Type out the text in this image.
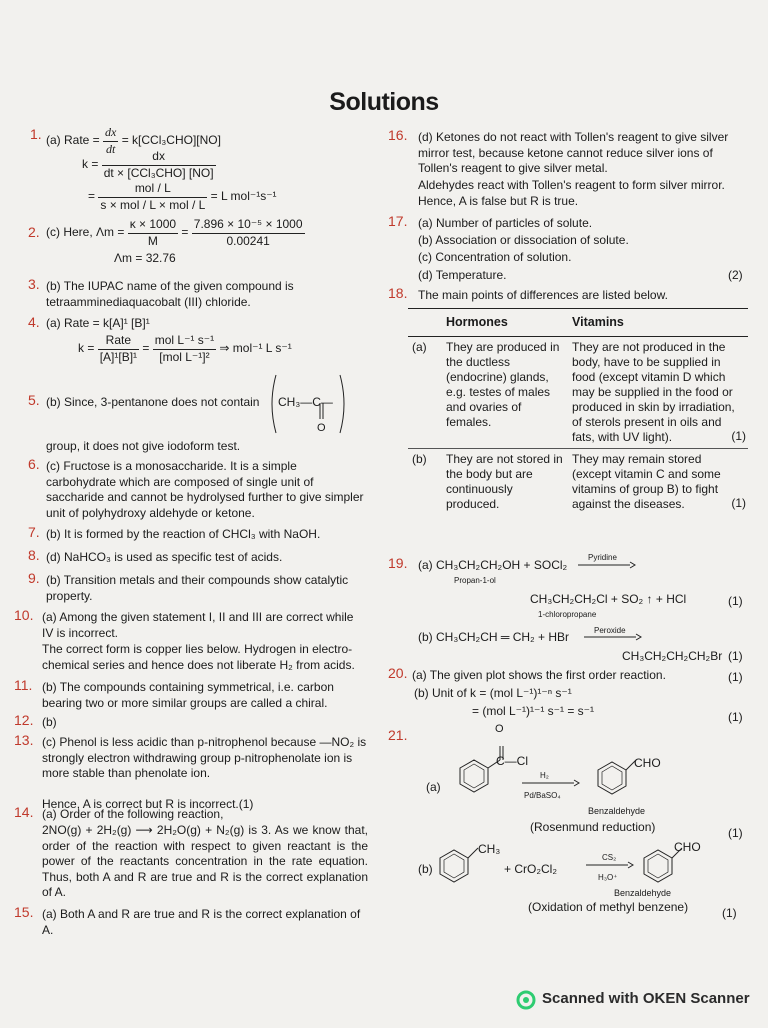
Solutions
1. (a) Rate = $\frac{dx}{dt} = k[CCl_3CHO][NO]$
$k = \frac{dx}{\text{dt × [CCl₃CHO] [NO]}}$
= $\frac{\text{mol / L}}{\text{s × mol / L × mol / L}} = L$ mol⁻¹s⁻¹
2. (c) Here, $\Lambda m = \frac{\kappa \times 1000}{M} = \frac{\text{7.896 × 10⁻⁵ × 1000}}{0.00241}$
Λm = 32.76
3. (b) The IUPAC name of the given compound is tetraamminediaquacobalt (III) chloride.
4. (a) Rate = k[A]¹ [B]¹
$k = \frac{\text{Rate}}{\text{[A]¹[B]¹}} = \frac{\text{mol L⁻¹ s⁻¹}}{\text{[mol L⁻¹]²}}$ ⇒ mol⁻¹ L s⁻¹
5. (b) Since, 3-pentanone does not contain CH₃—C—
O
group, it does not give iodoform test.
6. (c) Fructose is a monosaccharide. It is a simple carbohydrate which are composed of single unit of saccharide and cannot be hydrolysed further to give simpler unit of polyhydroxy aldehyde or ketone.
7. (b) It is formed by the reaction of CHCl₃ with NaOH.
8. (d) NaHCO₃ is used as specific test of acids.
9. (b) Transition metals and their compounds show catalytic property.
10. (a) Among the given statement I, II and III are correct while IV is incorrect.
The correct form is copper lies below. Hydrogen in electro-chemical series and hence does not liberate H₂ from acids.
11. (b) The compounds containing symmetrical, i.e. carbon bearing two or more similar groups are called a chiral.
12. (b)
13. (c) Phenol is less acidic than p-nitrophenol because —NO₂ is strongly electron withdrawing group p-nitrophenolate ion is more stable than phenolate ion.
Hence, A is correct but R is incorrect.(1)
14. (a) Order of the following reaction,
2NO(g) + 2H₂(g) ⟶ 2H₂O(g) + N₂(g) is 3. As we know that, order of the reaction with respect to given reactant is the power of the reactants concentration in the rate equation. Thus, both A and R are true and R is the correct explanation of A.
15. (a) Both A and R are true and R is the correct explanation of A.
16. (d) Ketones do not react with Tollen's reagent to give silver mirror test, because ketone cannot reduce silver ions of Tollen's reagent to give silver metal.
Aldehydes react with Tollen's reagent to form silver mirror. Hence, A is false but R is true.
17. (a) Number of particles of solute.
(b) Association or dissociation of solute.
(c) Concentration of solution.
(d) Temperature.	(2)
18. The main points of differences are listed below.
	Hormones	Vitamins
(a)	They are produced in the ductless (endocrine) glands, e.g. testes of males and ovaries of females.	They are not produced in the body, have to be supplied in food (except vitamin D which may be supplied in the food or produced in skin by irradiation, of sterols present in oils and fats, with UV light). (1)

(b)	They are not stored in the body but are continuously produced.	They may remain stored (except vitamin C and some vitamins of group B) to fight against the diseases. (1)
19. (a) CH₃CH₂CH₂OH + SOCl₂
Pyridine
Propan-1-ol
CH₃CH₂CH₂Cl + SO₂ ↑ + HCl	(1)
1-chloropropane
(b) CH₃CH₂CH ═ CH₂ + HBr	Peroxide
CH₃CH₂CH₂CH₂Br (1)
20. (a) The given plot shows the first order reaction.	(1)
(b) Unit of k = (mol L⁻¹)¹⁻ⁿ s⁻¹
= (mol L⁻¹)¹⁻¹ s⁻¹ = s⁻¹	(1)
21.
(a)
O
C—Cl
H₂
Pd/BaSO₄
CHO
Benzaldehyde
(Rosenmund reduction)	(1)
(b)
CH₃
+ CrO₂Cl₂
CS₂
H₃O⁺
CHO
Benzaldehyde
(Oxidation of methyl benzene)	(1)
Scanned with OKEN Scanner
